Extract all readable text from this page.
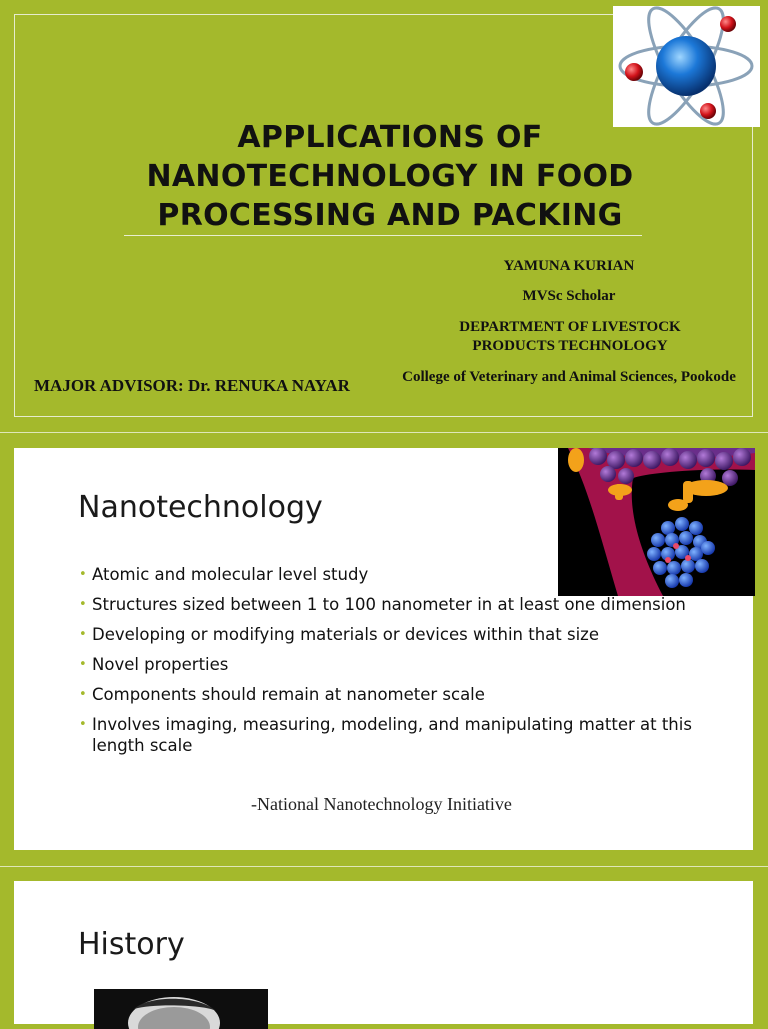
APPLICATIONS OF
NANOTECHNOLOGY IN FOOD
PROCESSING AND PACKING
YAMUNA KURIAN
MVSc Scholar
DEPARTMENT OF LIVESTOCK PRODUCTS TECHNOLOGY
College of Veterinary and Animal Sciences, Pookode
MAJOR ADVISOR: Dr. RENUKA NAYAR
Nanotechnology
• Atomic and molecular level study
• Structures sized between 1 to 100 nanometer in at least one dimension
• Developing or modifying materials or devices within that size
• Novel properties
• Components should remain at nanometer scale
• Involves imaging, measuring, modeling, and manipulating matter at this length scale
-National Nanotechnology Initiative
History
